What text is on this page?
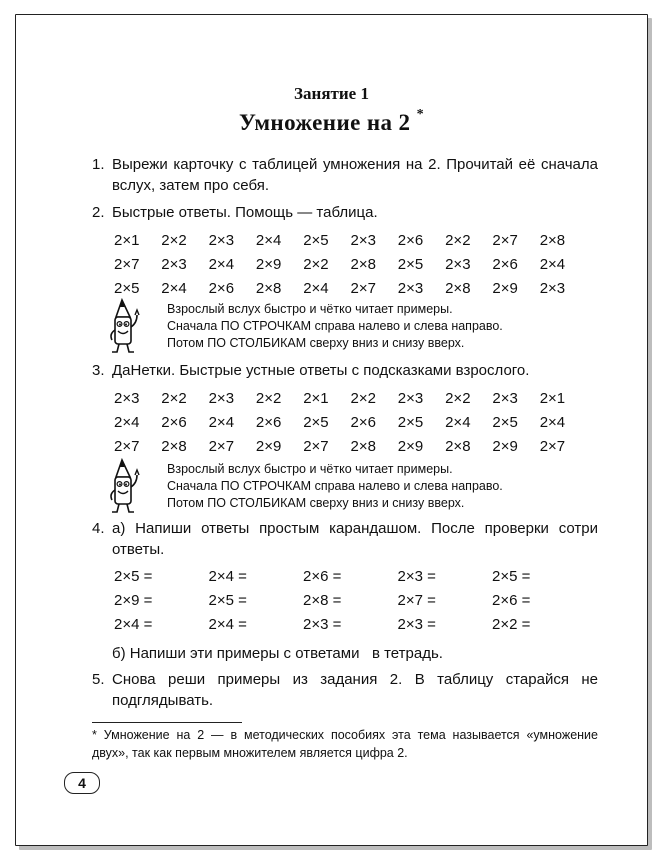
Занятие 1
Умножение на 2 *
1. Вырежи карточку с таблицей умножения на 2. Прочитай её сначала вслух, затем про себя.
2. Быстрые ответы. Помощь — таблица.
2×1 2×2 2×3 2×4 2×5 2×3 2×6 2×2 2×7 2×8
2×7 2×3 2×4 2×9 2×2 2×8 2×5 2×3 2×6 2×4
2×5 2×4 2×6 2×8 2×4 2×7 2×3 2×8 2×9 2×3
Взрослый вслух быстро и чётко читает примеры.
Сначала ПО СТРОЧКАМ справа налево и слева направо.
Потом ПО СТОЛБИКАМ сверху вниз и снизу вверх.
3. ДаНетки. Быстрые устные ответы с подсказками взрослого.
2×3 2×2 2×3 2×2 2×1 2×2 2×3 2×2 2×3 2×1
2×4 2×6 2×4 2×6 2×5 2×6 2×5 2×4 2×5 2×4
2×7 2×8 2×7 2×9 2×7 2×8 2×9 2×8 2×9 2×7
Взрослый вслух быстро и чётко читает примеры.
Сначала ПО СТРОЧКАМ справа налево и слева направо.
Потом ПО СТОЛБИКАМ сверху вниз и снизу вверх.
4. а) Напиши ответы простым карандашом. После проверки сотри ответы.
2×5 =	2×4 =	2×6 =	2×3 =	2×5 =
2×9 =	2×5 =	2×8 =	2×7 =	2×6 =
2×4 =	2×4 =	2×3 =	2×3 =	2×2 =
б) Напиши эти примеры с ответами   в тетрадь.
5. Снова реши примеры из задания 2. В таблицу старайся не подглядывать.
* Умножение на 2 — в методических пособиях эта тема называется «умножение двух», так как первым множителем является цифра 2.
4
